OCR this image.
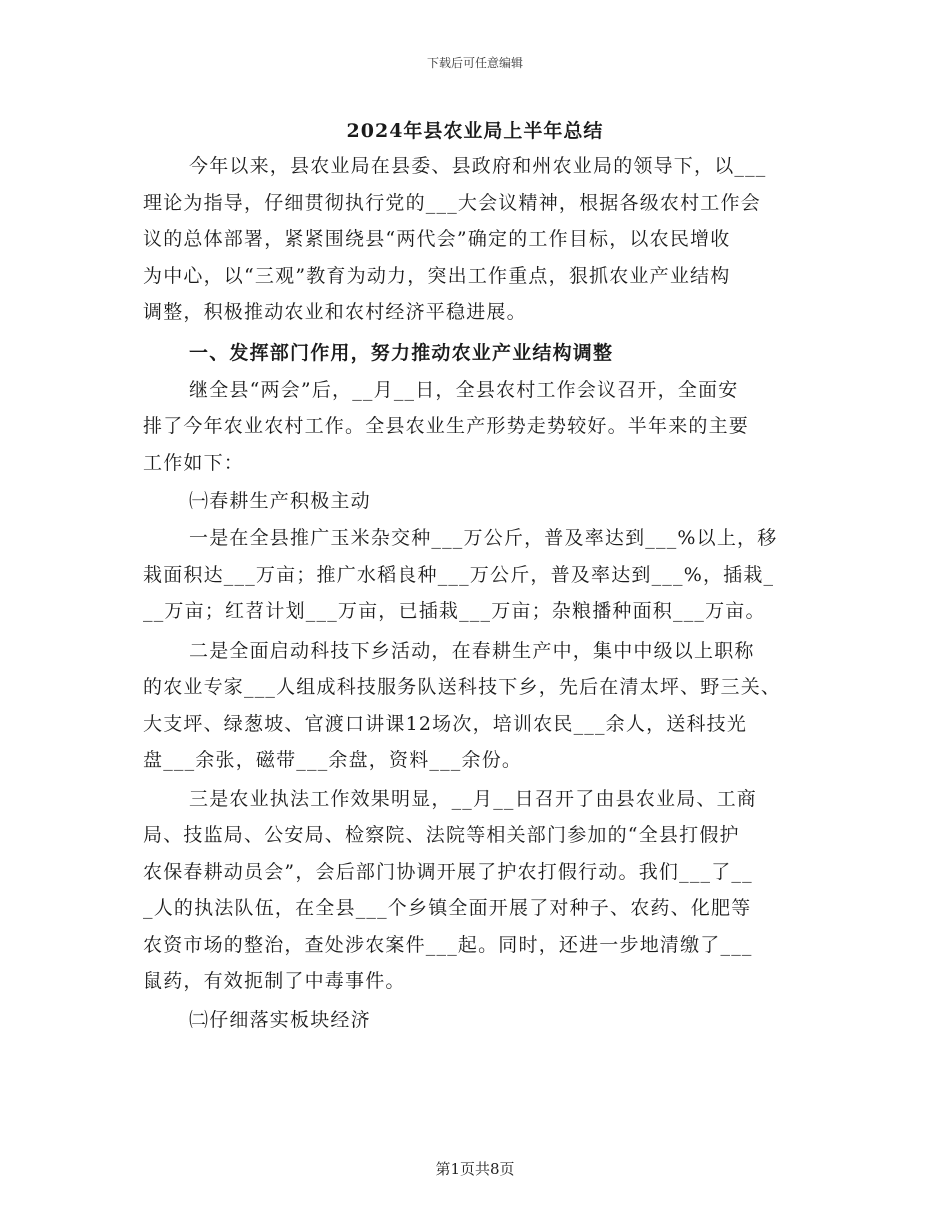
下载后可任意编辑
2024年县农业局上半年总结
今年以来，县农业局在县委、县政府和州农业局的领导下，以___
理论为指导，仔细贯彻执行党的___大会议精神，根据各级农村工作会
议的总体部署，紧紧围绕县“两代会”确定的工作目标，以农民增收
为中心，以“三观”教育为动力，突出工作重点，狠抓农业产业结构
调整，积极推动农业和农村经济平稳进展。
一、发挥部门作用，努力推动农业产业结构调整
继全县“两会”后，__月__日，全县农村工作会议召开，全面安
排了今年农业农村工作。全县农业生产形势走势较好。半年来的主要
工作如下：
㈠春耕生产积极主动
一是在全县推广玉米杂交种___万公斤，普及率达到___%以上，移
栽面积达___万亩；推广水稻良种___万公斤，普及率达到___%，插栽_
__万亩；红苕计划___万亩，已插栽___万亩；杂粮播种面积___万亩。
二是全面启动科技下乡活动，在春耕生产中，集中中级以上职称
的农业专家___人组成科技服务队送科技下乡，先后在清太坪、野三关、
大支坪、绿葱坡、官渡口讲课12场次，培训农民___余人，送科技光
盘___余张，磁带___余盘，资料___余份。
三是农业执法工作效果明显，__月__日召开了由县农业局、工商
局、技监局、公安局、检察院、法院等相关部门参加的“全县打假护
农保春耕动员会”，会后部门协调开展了护农打假行动。我们___了__
_人的执法队伍，在全县___个乡镇全面开展了对种子、农药、化肥等
农资市场的整治，查处涉农案件___起。同时，还进一步地清缴了___
鼠药，有效扼制了中毒事件。
㈡仔细落实板块经济
第1页共8页
